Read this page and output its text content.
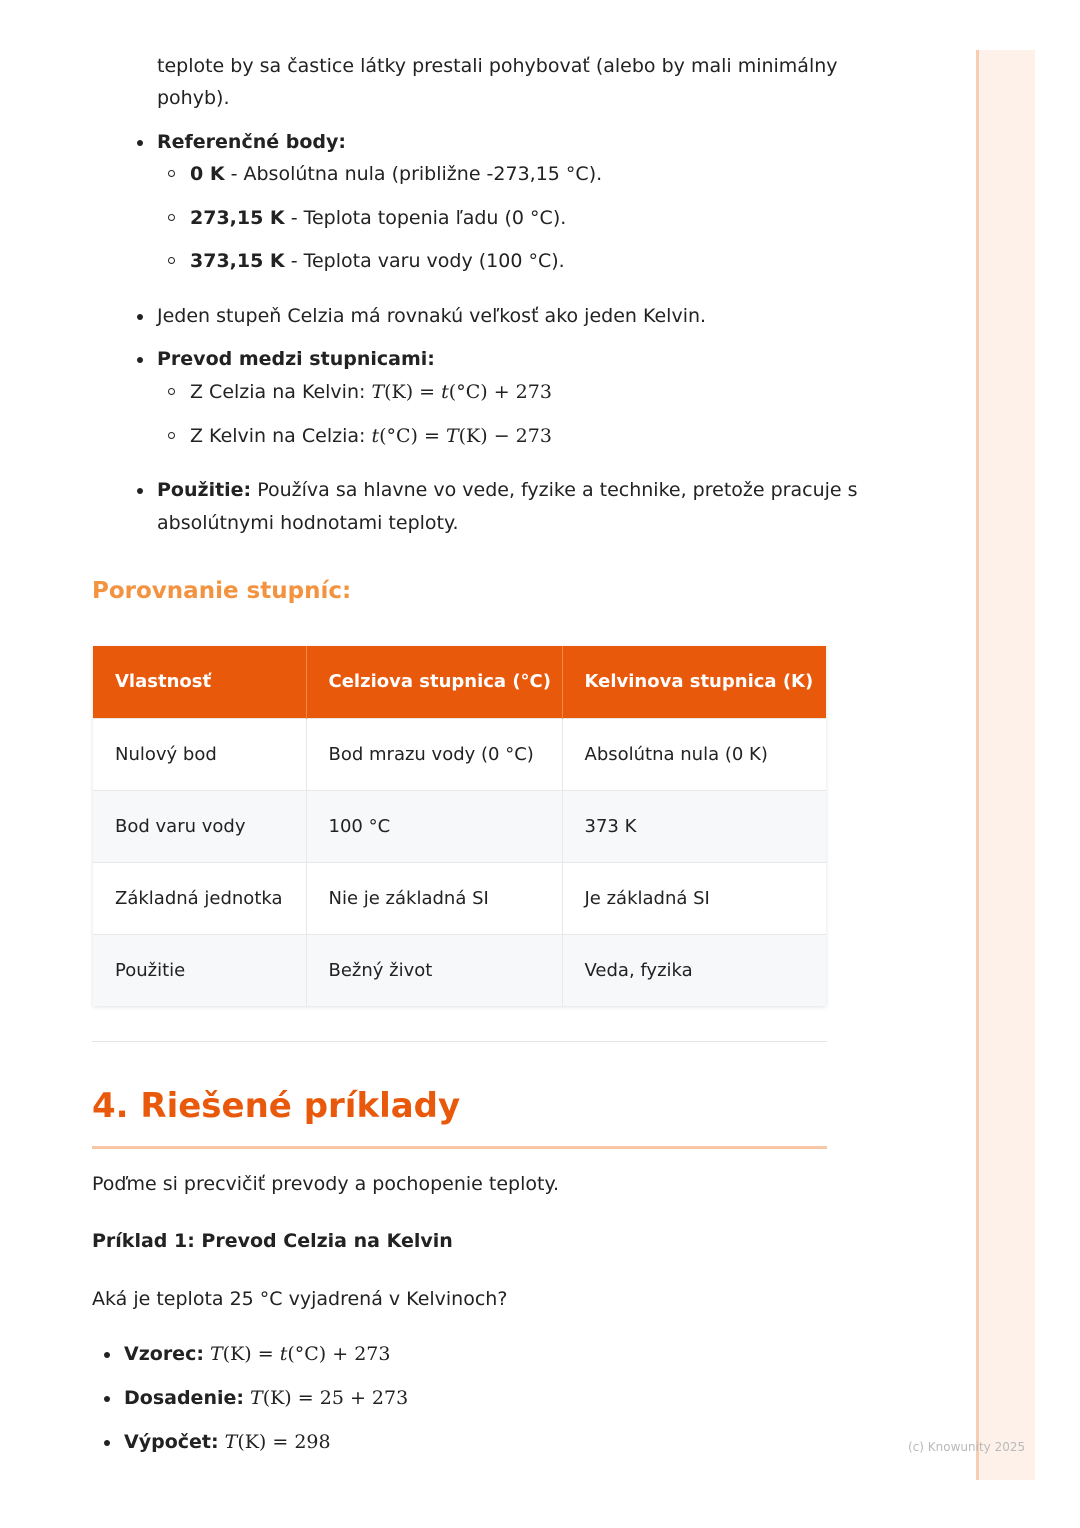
(c) Knowunity 2025
teplote by sa častice látky prestali pohybovať (alebo by mali minimálny
pohyb).
Referenčné body:
0 K - Absolútna nula (približne -273,15 °C).
273,15 K - Teplota topenia ľadu (0 °C).
373,15 K - Teplota varu vody (100 °C).
Jeden stupeň Celzia má rovnakú veľkosť ako jeden Kelvin.
Prevod medzi stupnicami:
Z Celzia na Kelvin: T(K) = t(°C) + 273
Z Kelvin na Celzia: t(°C) = T(K) − 273
Použitie: Používa sa hlavne vo vede, fyzike a technike, pretože pracuje s
absolútnymi hodnotami teploty.
Porovnanie stupníc:
Vlastnosť	Celziova stupnica (°C)	Kelvinova stupnica (K)
Nulový bod	Bod mrazu vody (0 °C)	Absolútna nula (0 K)
Bod varu vody	100 °C	373 K
Základná jednotka	Nie je základná SI	Je základná SI
Použitie	Bežný život	Veda, fyzika
4. Riešené príklady
Poďme si precvičiť prevody a pochopenie teploty.
Príklad 1: Prevod Celzia na Kelvin
Aká je teplota 25 °C vyjadrená v Kelvinoch?
Vzorec: T(K) = t(°C) + 273
Dosadenie: T(K) = 25 + 273
Výpočet: T(K) = 298
